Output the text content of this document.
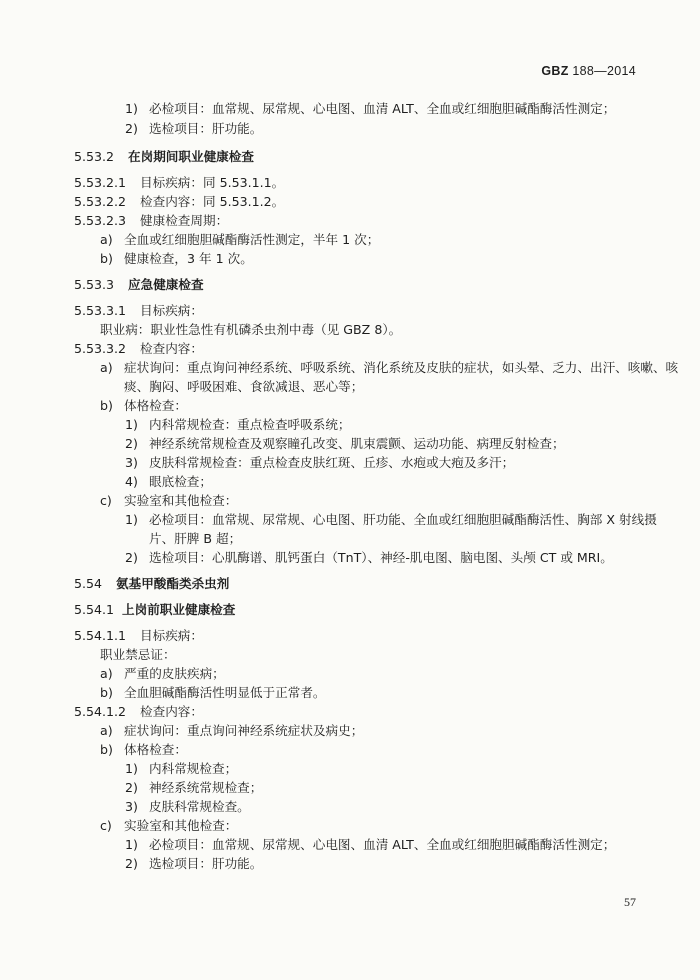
GBZ 188—2014
1) 必检项目：血常规、尿常规、心电图、血清 ALT、全血或红细胞胆碱酯酶活性测定；
2) 选检项目：肝功能。
5.53.2 在岗期间职业健康检查
5.53.2.1 目标疾病：同 5.53.1.1。
5.53.2.2 检查内容：同 5.53.1.2。
5.53.2.3 健康检查周期：
a) 全血或红细胞胆碱酯酶活性测定，半年 1 次；
b) 健康检查，3 年 1 次。
5.53.3 应急健康检查
5.53.3.1 目标疾病：
职业病：职业性急性有机磷杀虫剂中毒（见 GBZ 8）。
5.53.3.2 检查内容：
a) 症状询问：重点询问神经系统、呼吸系统、消化系统及皮肤的症状，如头晕、乏力、出汗、咳嗽、咳
痰、胸闷、呼吸困难、食欲减退、恶心等；
b) 体格检查：
1) 内科常规检查：重点检查呼吸系统；
2) 神经系统常规检查及观察瞳孔改变、肌束震颤、运动功能、病理反射检查；
3) 皮肤科常规检查：重点检查皮肤红斑、丘疹、水疱或大疱及多汗；
4) 眼底检查；
c) 实验室和其他检查：
1) 必检项目：血常规、尿常规、心电图、肝功能、全血或红细胞胆碱酯酶活性、胸部 X 射线摄
片、肝脾 B 超；
2) 选检项目：心肌酶谱、肌钙蛋白（TnT）、神经-肌电图、脑电图、头颅 CT 或 MRI。
5.54 氨基甲酸酯类杀虫剂
5.54.1 上岗前职业健康检查
5.54.1.1 目标疾病：
职业禁忌证：
a) 严重的皮肤疾病；
b) 全血胆碱酯酶活性明显低于正常者。
5.54.1.2 检查内容：
a) 症状询问：重点询问神经系统症状及病史；
b) 体格检查：
1) 内科常规检查；
2) 神经系统常规检查；
3) 皮肤科常规检查。
c) 实验室和其他检查：
1) 必检项目：血常规、尿常规、心电图、血清 ALT、全血或红细胞胆碱酯酶活性测定；
2) 选检项目：肝功能。
57
